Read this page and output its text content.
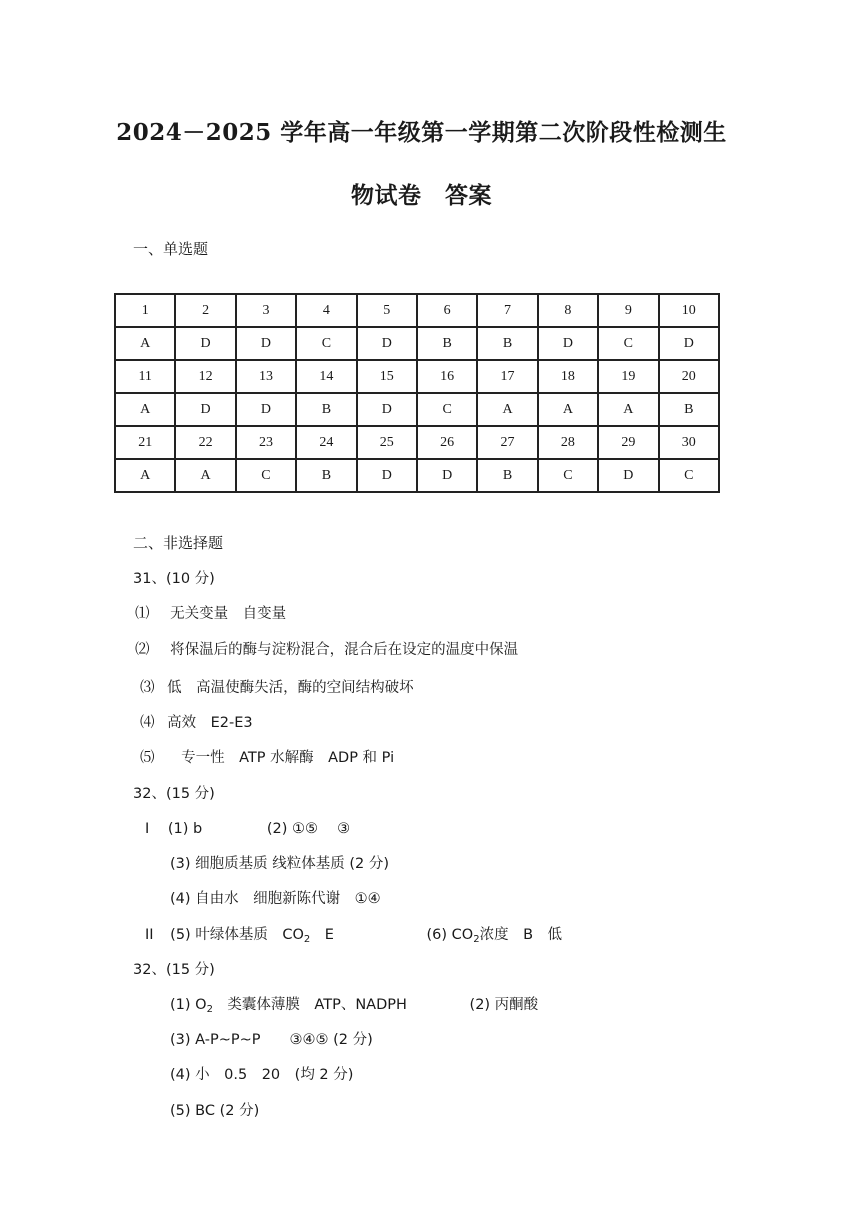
2024－2025 学年高一年级第一学期第二次阶段性检测生
物试卷　答案
一、单选题
1	2	3	4	5	6	7	8	9	10
A	D	D	C	D	B	B	D	C	D
11	12	13	14	15	16	17	18	19	20
A	D	D	B	D	C	A	A	A	B
21	22	23	24	25	26	27	28	29	30
A	A	C	B	D	D	B	C	D	C
二、非选择题
31、(10 分)
⑴ 无关变量　自变量
⑵ 将保温后的酶与淀粉混合，混合后在设定的温度中保温
⑶ 低　高温使酶失活，酶的空间结构破坏
⑷ 高效　E2-E3
⑸ 专一性　ATP 水解酶　ADP 和 Pi
32、(15 分)
I (1) b	(2) ①⑤　 ③
(3) 细胞质基质 线粒体基质 (2 分)
(4) 自由水　细胞新陈代谢　①④
II (5) 叶绿体基质　CO2　E	(6) CO2浓度　B　低
32、(15 分)
(1) O2　类囊体薄膜　ATP、NADPH	(2) 丙酮酸
(3) A-P~P~P　　③④⑤ (2 分)
(4) 小　0.5　20　(均 2 分)
(5) BC (2 分)
